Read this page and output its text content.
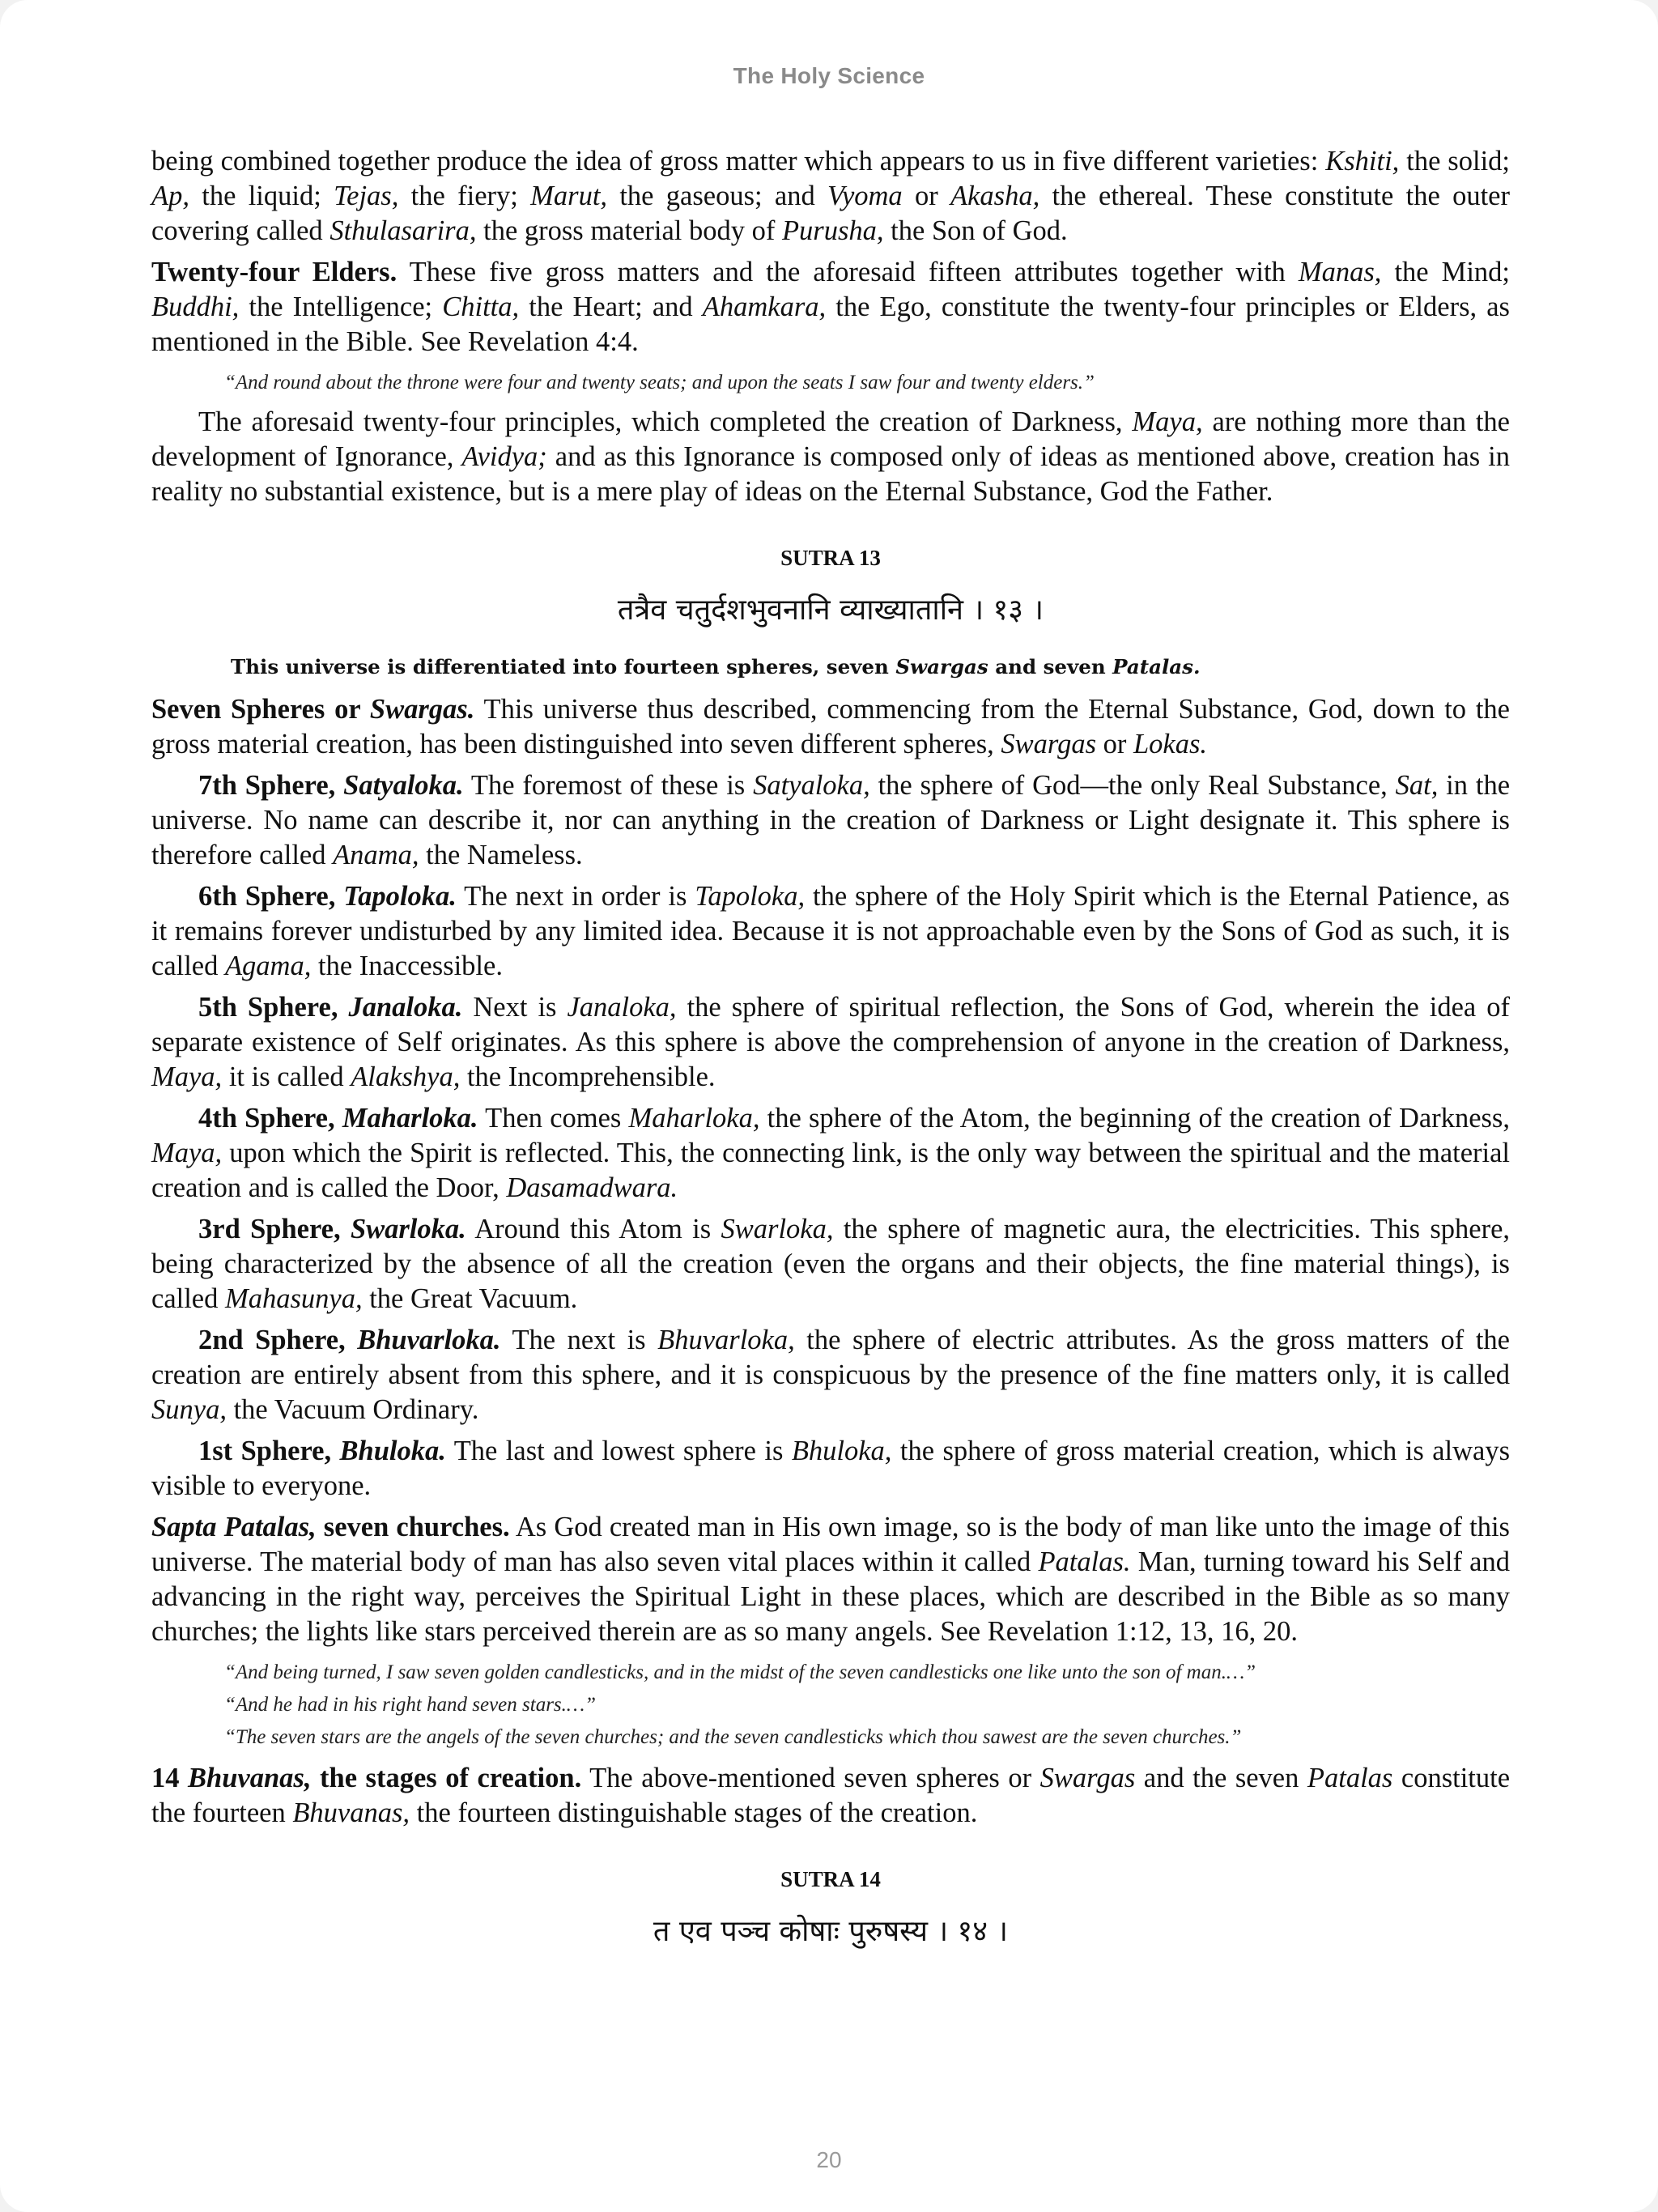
The Holy Science

being combined together produce the idea of gross matter which appears to us in five different varieties: Kshiti, the solid; Ap, the liquid; Tejas, the fiery; Marut, the gaseous; and Vyoma or Akasha, the ethereal. These constitute the outer covering called Sthulasarira, the gross material body of Purusha, the Son of God.

Twenty-four Elders. These five gross matters and the aforesaid fifteen attributes together with Manas, the Mind; Buddhi, the Intelligence; Chitta, the Heart; and Ahamkara, the Ego, constitute the twenty-four principles or Elders, as mentioned in the Bible. See Revelation 4:4.

“And round about the throne were four and twenty seats; and upon the seats I saw four and twenty elders.”

The aforesaid twenty-four principles, which completed the creation of Darkness, Maya, are nothing more than the development of Ignorance, Avidya; and as this Ignorance is composed only of ideas as mentioned above, creation has in reality no substantial existence, but is a mere play of ideas on the Eternal Substance, God the Father.

SUTRA 13
तत्रैव चतुर्दशभुवनानि व्याख्यातानि । १३ ।
This universe is differentiated into fourteen spheres, seven Swargas and seven Patalas.

Seven Spheres or Swargas. This universe thus described, commencing from the Eternal Substance, God, down to the gross material creation, has been distinguished into seven different spheres, Swargas or Lokas.

7th Sphere, Satyaloka. The foremost of these is Satyaloka, the sphere of God—the only Real Substance, Sat, in the universe. No name can describe it, nor can anything in the creation of Darkness or Light designate it. This sphere is therefore called Anama, the Nameless.

6th Sphere, Tapoloka. The next in order is Tapoloka, the sphere of the Holy Spirit which is the Eternal Patience, as it remains forever undisturbed by any limited idea. Because it is not approachable even by the Sons of God as such, it is called Agama, the Inaccessible.

5th Sphere, Janaloka. Next is Janaloka, the sphere of spiritual reflection, the Sons of God, wherein the idea of separate existence of Self originates. As this sphere is above the comprehension of anyone in the creation of Darkness, Maya, it is called Alakshya, the Incomprehensible.

4th Sphere, Maharloka. Then comes Maharloka, the sphere of the Atom, the beginning of the creation of Darkness, Maya, upon which the Spirit is reflected. This, the connecting link, is the only way between the spiritual and the material creation and is called the Door, Dasamadwara.

3rd Sphere, Swarloka. Around this Atom is Swarloka, the sphere of magnetic aura, the electricities. This sphere, being characterized by the absence of all the creation (even the organs and their objects, the fine material things), is called Mahasunya, the Great Vacuum.

2nd Sphere, Bhuvarloka. The next is Bhuvarloka, the sphere of electric attributes. As the gross matters of the creation are entirely absent from this sphere, and it is conspicuous by the presence of the fine matters only, it is called Sunya, the Vacuum Ordinary.

1st Sphere, Bhuloka. The last and lowest sphere is Bhuloka, the sphere of gross material creation, which is always visible to everyone.

Sapta Patalas, seven churches. As God created man in His own image, so is the body of man like unto the image of this universe. The material body of man has also seven vital places within it called Patalas. Man, turning toward his Self and advancing in the right way, perceives the Spiritual Light in these places, which are described in the Bible as so many churches; the lights like stars perceived therein are as so many angels. See Revelation 1:12, 13, 16, 20.

“And being turned, I saw seven golden candlesticks, and in the midst of the seven candlesticks one like unto the son of man.…”
“And he had in his right hand seven stars.…”
“The seven stars are the angels of the seven churches; and the seven candlesticks which thou sawest are the seven churches.”

14 Bhuvanas, the stages of creation. The above-mentioned seven spheres or Swargas and the seven Patalas constitute the fourteen Bhuvanas, the fourteen distinguishable stages of the creation.

SUTRA 14
त एव पञ्च कोषाः पुरुषस्य । १४ ।
20
